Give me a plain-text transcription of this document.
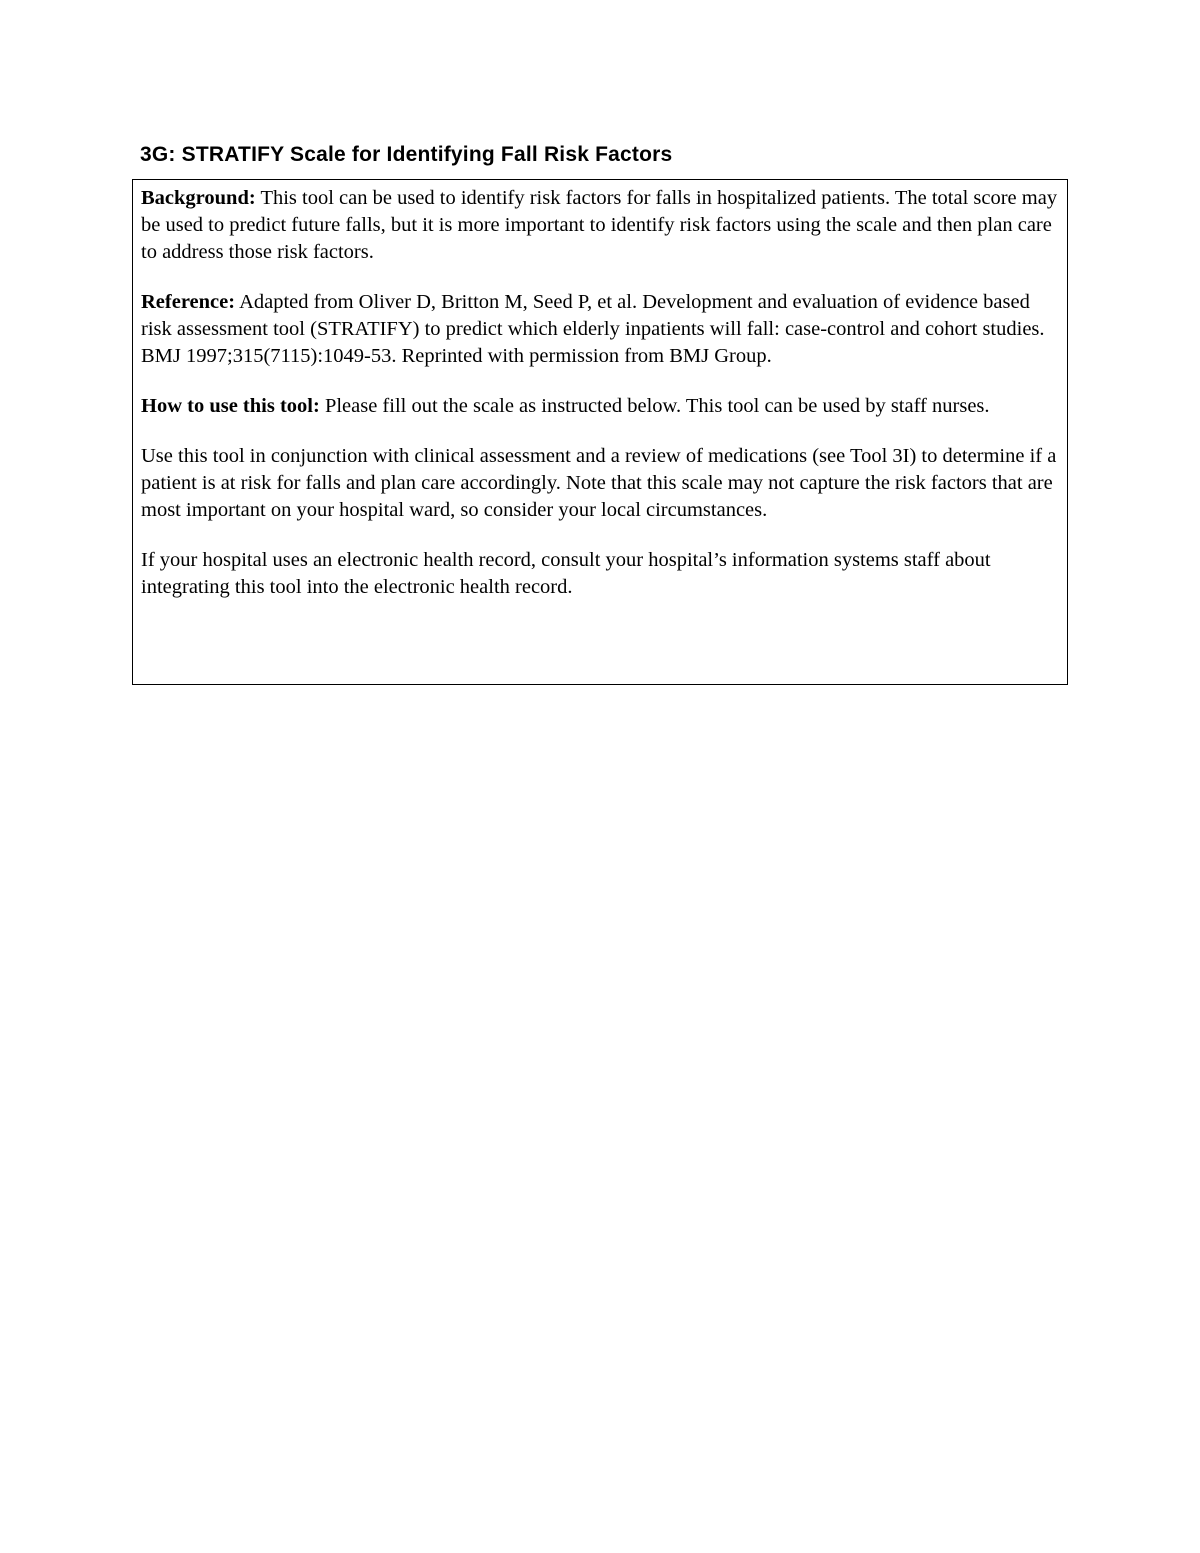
3G: STRATIFY Scale for Identifying Fall Risk Factors

Background: This tool can be used to identify risk factors for falls in hospitalized patients. The total score may be used to predict future falls, but it is more important to identify risk factors using the scale and then plan care to address those risk factors.

Reference: Adapted from Oliver D, Britton M, Seed P, et al. Development and evaluation of evidence based risk assessment tool (STRATIFY) to predict which elderly inpatients will fall: case-control and cohort studies. BMJ 1997;315(7115):1049-53. Reprinted with permission from BMJ Group.

How to use this tool: Please fill out the scale as instructed below. This tool can be used by staff nurses.

Use this tool in conjunction with clinical assessment and a review of medications (see Tool 3I) to determine if a patient is at risk for falls and plan care accordingly. Note that this scale may not capture the risk factors that are most important on your hospital ward, so consider your local circumstances.

If your hospital uses an electronic health record, consult your hospital’s information systems staff about integrating this tool into the electronic health record.
